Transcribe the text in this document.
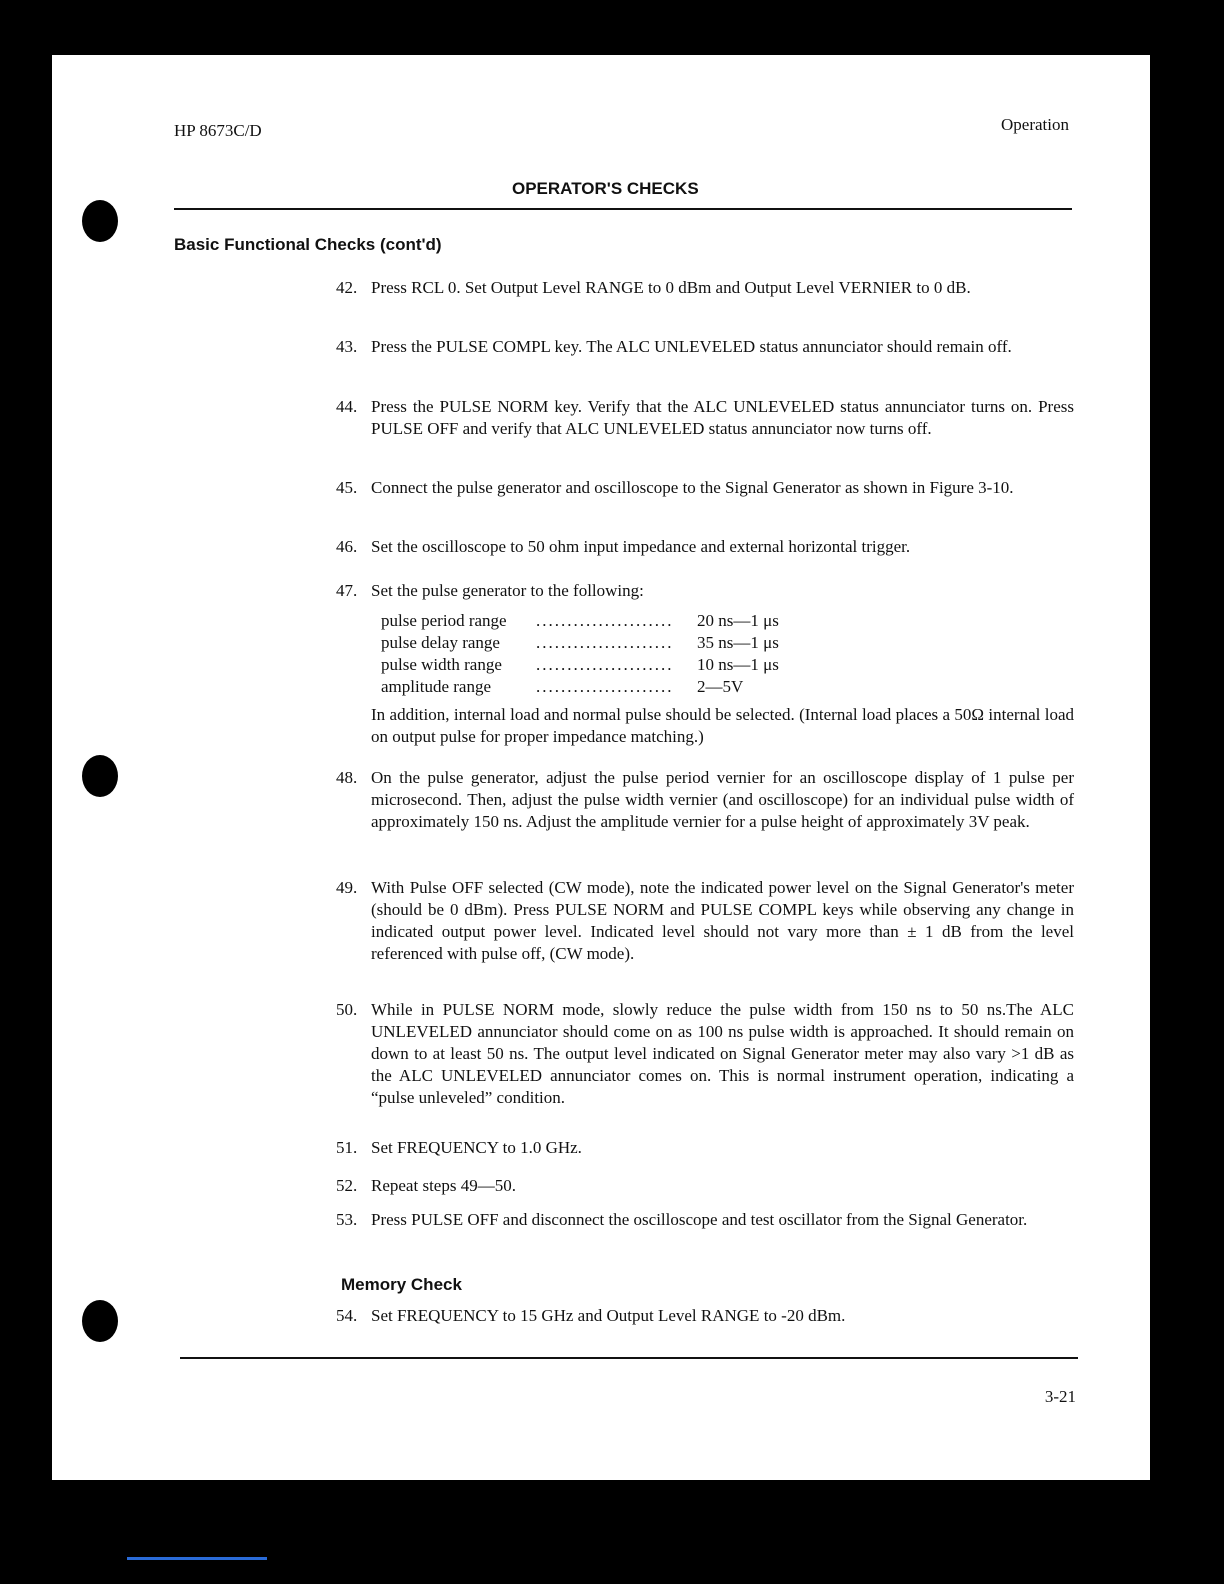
HP 8673C/D	Operation
OPERATOR'S CHECKS
Basic Functional Checks (cont'd)
42. Press RCL 0. Set Output Level RANGE to 0 dBm and Output Level VERNIER to 0 dB.
43. Press the PULSE COMPL key. The ALC UNLEVELED status annunciator should remain off.
44. Press the PULSE NORM key. Verify that the ALC UNLEVELED status annunciator turns on. Press PULSE OFF and verify that ALC UNLEVELED status annunciator now turns off.
45. Connect the pulse generator and oscilloscope to the Signal Generator as shown in Figure 3-10.
46. Set the oscilloscope to 50 ohm input impedance and external horizontal trigger.
47. Set the pulse generator to the following:
pulse period range	......................	20 ns—1 μs
pulse delay range	......................	35 ns—1 μs
pulse width range	......................	10 ns—1 μs
amplitude range	......................	2—5V
In addition, internal load and normal pulse should be selected. (Internal load places a 50Ω internal load on output pulse for proper impedance matching.)
48. On the pulse generator, adjust the pulse period vernier for an oscilloscope display of 1 pulse per microsecond. Then, adjust the pulse width vernier (and oscilloscope) for an individual pulse width of approximately 150 ns. Adjust the amplitude vernier for a pulse height of approximately 3V peak.
49. With Pulse OFF selected (CW mode), note the indicated power level on the Signal Generator's meter (should be 0 dBm). Press PULSE NORM and PULSE COMPL keys while observing any change in indicated output power level. Indicated level should not vary more than ± 1 dB from the level referenced with pulse off, (CW mode).
50. While in PULSE NORM mode, slowly reduce the pulse width from 150 ns to 50 ns.The ALC UNLEVELED annunciator should come on as 100 ns pulse width is approached. It should remain on down to at least 50 ns. The output level indicated on Signal Generator meter may also vary >1 dB as the ALC UNLEVELED annunciator comes on. This is normal instrument operation, indicating a “pulse unleveled” condition.
51. Set FREQUENCY to 1.0 GHz.
52. Repeat steps 49—50.
53. Press PULSE OFF and disconnect the oscilloscope and test oscillator from the Signal Generator.
Memory Check
54. Set FREQUENCY to 15 GHz and Output Level RANGE to -20 dBm.
3-21
